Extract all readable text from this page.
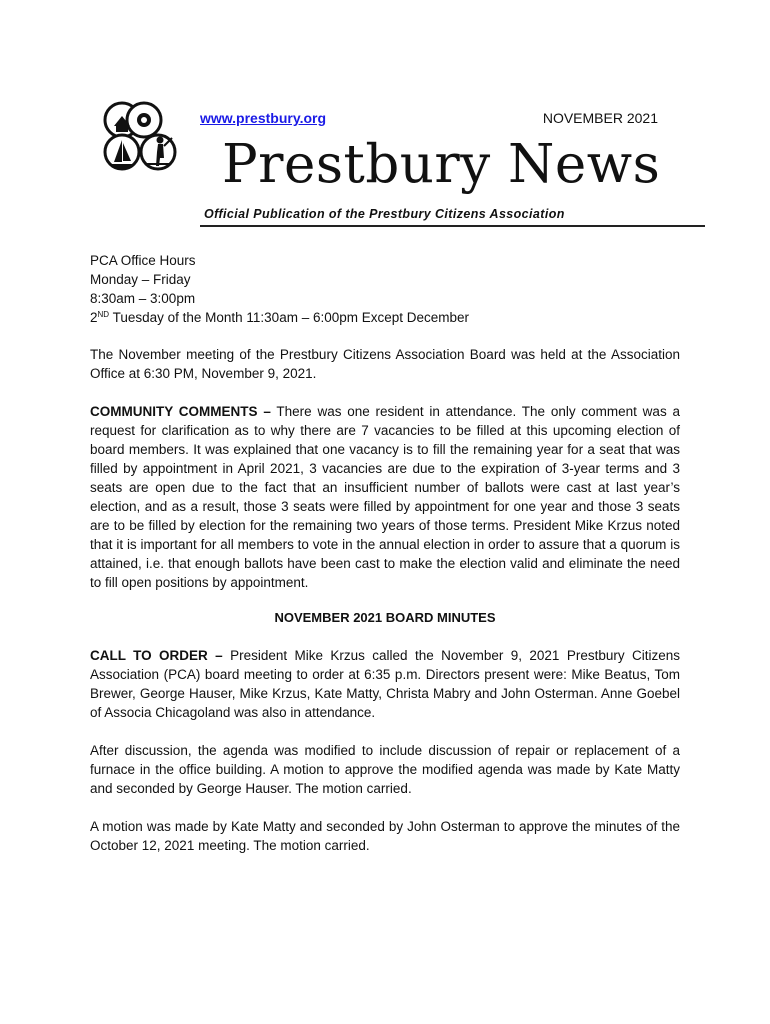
www.prestbury.org	NOVEMBER 2021
Prestbury News
Official Publication of the Prestbury Citizens Association
PCA Office Hours
Monday – Friday
8:30am – 3:00pm
2ND Tuesday of the Month 11:30am – 6:00pm Except December

The November meeting of the Prestbury Citizens Association Board was held at the Association Office at 6:30 PM, November 9, 2021.

COMMUNITY COMMENTS – There was one resident in attendance. The only comment was a request for clarification as to why there are 7 vacancies to be filled at this upcoming election of board members. It was explained that one vacancy is to fill the remaining year for a seat that was filled by appointment in April 2021, 3 vacancies are due to the expiration of 3-year terms and 3 seats are open due to the fact that an insufficient number of ballots were cast at last year’s election, and as a result, those 3 seats were filled by appointment for one year and those 3 seats are to be filled by election for the remaining two years of those terms. President Mike Krzus noted that it is important for all members to vote in the annual election in order to assure that a quorum is attained, i.e. that enough ballots have been cast to make the election valid and eliminate the need to fill open positions by appointment.

NOVEMBER 2021 BOARD MINUTES

CALL TO ORDER – President Mike Krzus called the November 9, 2021 Prestbury Citizens Association (PCA) board meeting to order at 6:35 p.m. Directors present were: Mike Beatus, Tom Brewer, George Hauser, Mike Krzus, Kate Matty, Christa Mabry and John Osterman. Anne Goebel of Associa Chicagoland was also in attendance.

After discussion, the agenda was modified to include discussion of repair or replacement of a furnace in the office building. A motion to approve the modified agenda was made by Kate Matty and seconded by George Hauser. The motion carried.

A motion was made by Kate Matty and seconded by John Osterman to approve the minutes of the October 12, 2021 meeting. The motion carried.
